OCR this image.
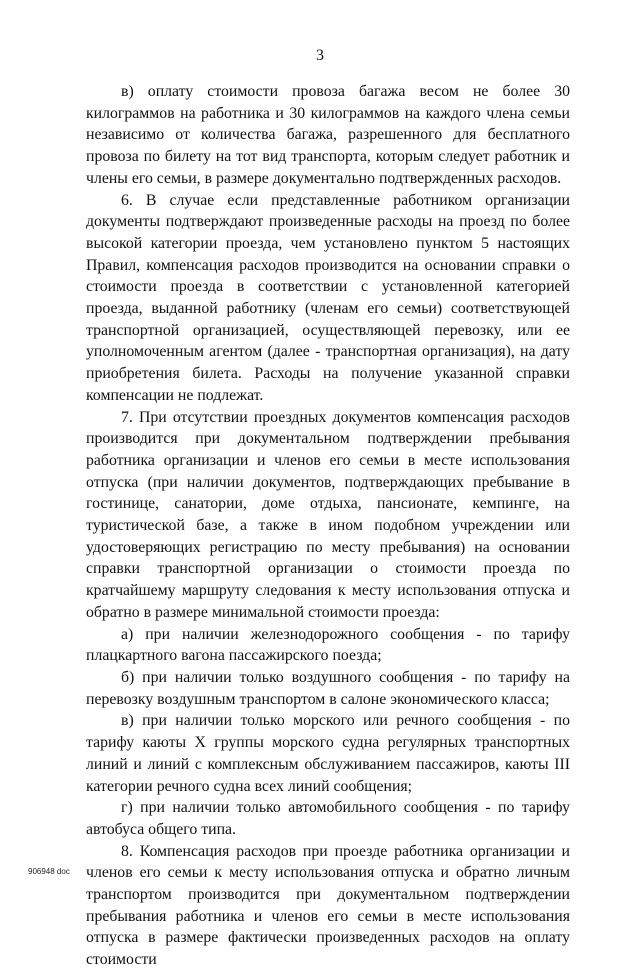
3

в) оплату стоимости провоза багажа весом не более 30 килограммов на работника и 30 килограммов на каждого члена семьи независимо от количества багажа, разрешенного для бесплатного провоза по билету на тот вид транспорта, которым следует работник и члены его семьи, в размере документально подтвержденных расходов.

6. В случае если представленные работником организации документы подтверждают произведенные расходы на проезд по более высокой категории проезда, чем установлено пунктом 5 настоящих Правил, компенсация расходов производится на основании справки о стоимости проезда в соответствии с установленной категорией проезда, выданной работнику (членам его семьи) соответствующей транспортной организацией, осуществляющей перевозку, или ее уполномоченным агентом (далее - транспортная организация), на дату приобретения билета. Расходы на получение указанной справки компенсации не подлежат.

7. При отсутствии проездных документов компенсация расходов производится при документальном подтверждении пребывания работника организации и членов его семьи в месте использования отпуска (при наличии документов, подтверждающих пребывание в гостинице, санатории, доме отдыха, пансионате, кемпинге, на туристической базе, а также в ином подобном учреждении или удостоверяющих регистрацию по месту пребывания) на основании справки транспортной организации о стоимости проезда по кратчайшему маршруту следования к месту использования отпуска и обратно в размере минимальной стоимости проезда:

а) при наличии железнодорожного сообщения - по тарифу плацкартного вагона пассажирского поезда;

б) при наличии только воздушного сообщения - по тарифу на перевозку воздушным транспортом в салоне экономического класса;

в) при наличии только морского или речного сообщения - по тарифу каюты X группы морского судна регулярных транспортных линий и линий с комплексным обслуживанием пассажиров, каюты III категории речного судна всех линий сообщения;

г) при наличии только автомобильного сообщения - по тарифу автобуса общего типа.

8. Компенсация расходов при проезде работника организации и членов его семьи к месту использования отпуска и обратно личным транспортом производится при документальном подтверждении пребывания работника и членов его семьи в месте использования отпуска в размере фактически произведенных расходов на оплату стоимости

906948 doc
